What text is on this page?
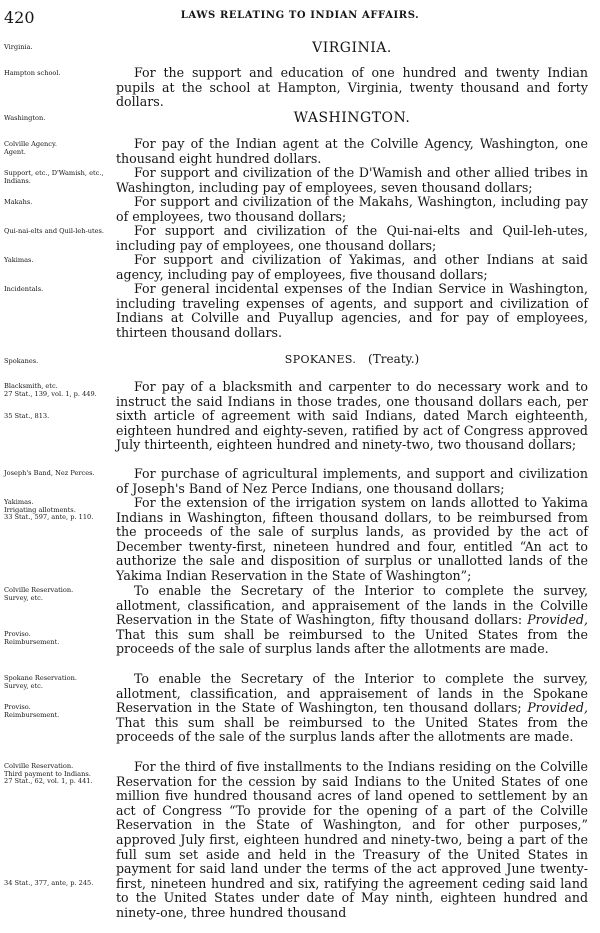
420	LAWS RELATING TO INDIAN AFFAIRS.
Virginia.	VIRGINIA.
Hampton school.	For the support and education of one hundred and twenty Indian pupils at the school at Hampton, Virginia, twenty thousand and forty dollars.

Washington.	WASHINGTON.
Colville Agency.
Agent.

For pay of the Indian agent at the Colville Agency, Washington, one thousand eight hundred dollars.

Support, etc., D'Wamish, etc., Indians.

For support and civilization of the D'Wamish and other allied tribes in Washington, including pay of employees, seven thousand dollars;

Makahs.	For support and civilization of the Makahs, Washington, including pay of employees, two thousand dollars;

Qui-nai-elts and Quil-leh-utes.	For support and civilization of the Qui-nai-elts and Quil-leh-utes, including pay of employees, one thousand dollars;

Yakimas.	For support and civilization of Yakimas, and other Indians at said agency, including pay of employees, five thousand dollars;

Incidentals.	For general incidental expenses of the Indian Service in Washington, including traveling expenses of agents, and support and civilization of Indians at Colville and Puyallup agencies, and for pay of employees, thirteen thousand dollars.

Spokanes.	SPOKANES. (Treaty.)
Blacksmith, etc.
27 Stat., 139, vol. 1, p. 449.
35 Stat., 813.

For pay of a blacksmith and carpenter to do necessary work and to instruct the said Indians in those trades, one thousand dollars each, per sixth article of agreement with said Indians, dated March eighteenth, eighteen hundred and eighty-seven, ratified by act of Congress approved July thirteenth, eighteen hundred and ninety-two, two thousand dollars;

Joseph's Band, Nez Perces.	For purchase of agricultural implements, and support and civilization of Joseph's Band of Nez Perce Indians, one thousand dollars;

Yakimas.
Irrigating allotments.
33 Stat., 597, ante, p. 110.

For the extension of the irrigation system on lands allotted to Yakima Indians in Washington, fifteen thousand dollars, to be reimbursed from the proceeds of the sale of surplus lands, as provided by the act of December twenty-first, nineteen hundred and four, entitled “An act to authorize the sale and disposition of surplus or unallotted lands of the Yakima Indian Reservation in the State of Washington”;

Colville Reservation.
Survey, etc.
Proviso.
Reimbursement.

To enable the Secretary of the Interior to complete the survey, allotment, classification, and appraisement of the lands in the Colville Reservation in the State of Washington, fifty thousand dollars: Provided, That this sum shall be reimbursed to the United States from the proceeds of the sale of surplus lands after the allotments are made.

Spokane Reservation.
Survey, etc.
Proviso.
Reimbursement.

To enable the Secretary of the Interior to complete the survey, allotment, classification, and appraisement of lands in the Spokane Reservation in the State of Washington, ten thousand dollars; Provided, That this sum shall be reimbursed to the United States from the proceeds of the sale of the surplus lands after the allotments are made.

Colville Reservation.
Third payment to Indians.
27 Stat., 62, vol. 1, p. 441.
34 Stat., 377, ante, p. 245.

For the third of five installments to the Indians residing on the Colville Reservation for the cession by said Indians to the United States of one million five hundred thousand acres of land opened to settlement by an act of Congress “To provide for the opening of a part of the Colville Reservation in the State of Washington, and for other purposes,” approved July first, eighteen hundred and ninety-two, being a part of the full sum set aside and held in the Treasury of the United States in payment for said land under the terms of the act approved June twenty-first, nineteen hundred and six, ratifying the agreement ceding said land to the United States under date of May ninth, eighteen hundred and ninety-one, three hundred thousand
